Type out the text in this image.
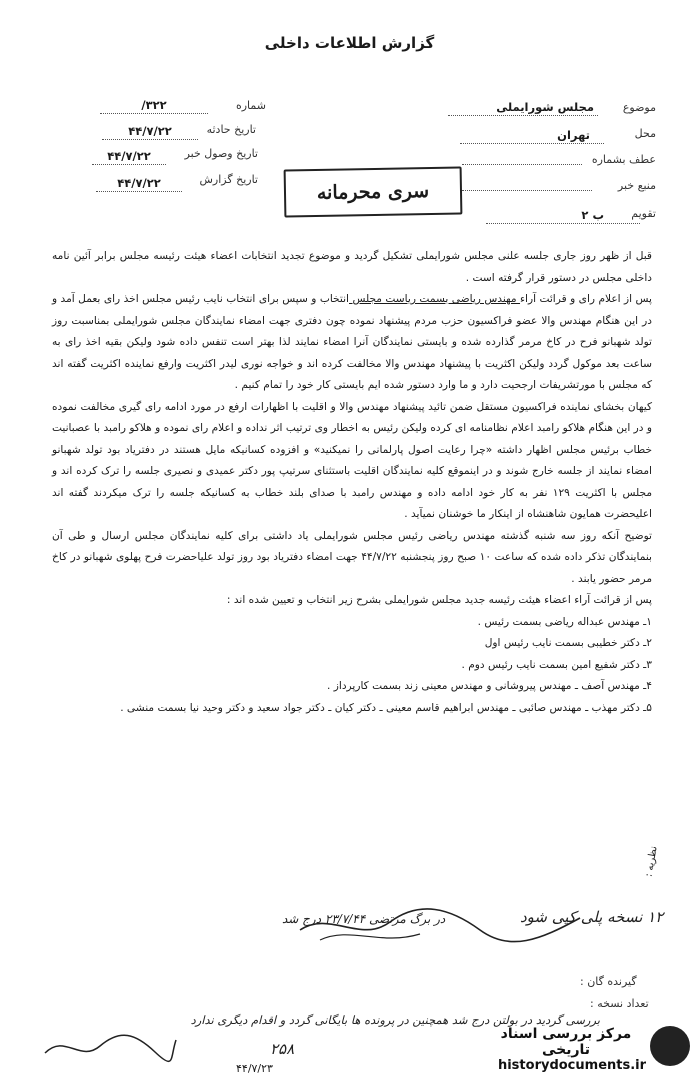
گزارش اطلاعات داخلی
شماره
۳۲۲/
تاریخ حادثه
۴۴/۷/۲۲
تاریخ وصول خبر
۴۴/۷/۲۲
تاریخ گزارش
۴۴/۷/۲۲
موضوع
مجلس شورایملی
محل
تهران
عطف بشماره
منبع خبر
تقویم
ب ۲
سری محرمانه

قبل از ظهر روز جاری جلسه علنی مجلس شورایملی تشکیل گردید و موضوع تجدید انتخابات اعضاء هیئت رئیسه مجلس برابر آئین نامه داخلی مجلس در دستور قرار گرفته است .

پس از اعلام رای و قرائت آراء مهندس ریاضی بسمت ریاست مجلس انتخاب و سپس برای انتخاب نایب رئیس مجلس اخذ رای بعمل آمد و در این هنگام مهندس والا عضو فراکسیون حزب مردم پیشنهاد نموده چون دفتری جهت امضاء نمایندگان مجلس شورایملی بمناسبت روز تولد شهبانو فرح در کاخ مرمر گذارده شده و بایستی نمایندگان آنرا امضاء نمایند لذا بهتر است تنفس داده شود ولیکن بقیه اخذ رای به ساعت بعد موکول گردد ولیکن اکثریت با پیشنهاد مهندس والا مخالفت کرده اند و خواجه نوری لیدر اکثریت وارفع نماینده اکثریت گفته اند که مجلس با مورتشریفات ارجحیت دارد و ما وارد دستور شده ایم بایستی کار خود را تمام کنیم .

کیهان بخشای نماینده فراکسیون مستقل ضمن تائید پیشنهاد مهندس والا و اقلیت با اظهارات ارفع در مورد ادامه رای گیری مخالفت نموده و در این هنگام هلاکو رامبد اعلام نظامنامه ای کرده ولیکن رئیس به اخطار وی ترتیب اثر نداده و اعلام رای نموده و هلاکو رامبد با عصبانیت خطاب برئیس مجلس اظهار داشته «چرا رعایت اصول پارلمانی را نمیکنید» و افزوده کسانیکه مایل هستند در دفتریاد بود تولد شهبانو امضاء نمایند از جلسه خارج شوند و در اینموقع کلیه نمایندگان اقلیت باستثنای سرتیپ پور دکتر عمیدی و نصیری جلسه را ترک کرده اند و مجلس با اکثریت ۱۲۹ نفر به کار خود ادامه داده و مهندس رامبد با صدای بلند خطاب به کسانیکه جلسه را ترک میکردند گفته اند اعلیحضرت همایون شاهنشاه از اینکار ما خوشنان نمیآید .

توضیح آنکه روز سه شنبه گذشته مهندس ریاضی رئیس مجلس شورایملی یاد داشتی برای کلیه نمایندگان مجلس ارسال و طی آن بنمایندگان تذکر داده شده که ساعت ۱۰ صبح روز پنجشنبه ۴۴/۷/۲۲ جهت امضاء دفتریاد بود روز تولد علیاحضرت فرح پهلوی شهبانو در کاخ مرمر حضور یابند .

پس از قرائت آراء اعضاء هیئت رئیسه جدید مجلس شورایملی بشرح زیر انتخاب و تعیین شده اند :

۱ـ مهندس عبداله ریاضی بسمت رئیس .

۲ـ دکتر خطیبی بسمت نایب رئیس اول

۳ـ دکتر شفیع امین بسمت نایب رئیس دوم .

۴ـ مهندس آصف ـ مهندس پیروشانی و مهندس معینی زند بسمت کارپرداز .

۵ـ دکتر مهذب ـ مهندس صائبی ـ مهندس ابراهیم قاسم معینی ـ دکتر کیان ـ دکتر جواد سعید و دکتر وحید نیا بسمت منشی .

نظریه :
۱۲ نسخه پلی کپی شود
در برگ مرتضی ۲۳/۷/۴۴ درج شد
گیرنده گان :
تعداد نسخه :
بررسی گردید در بولتن درج شد همچنین در پرونده ها بایگانی گردد و اقدام دیگری ندارد
۲۵۸
۴۴/۷/۲۳
مرکز بررسی اسناد تاریخی
historydocuments.ir
